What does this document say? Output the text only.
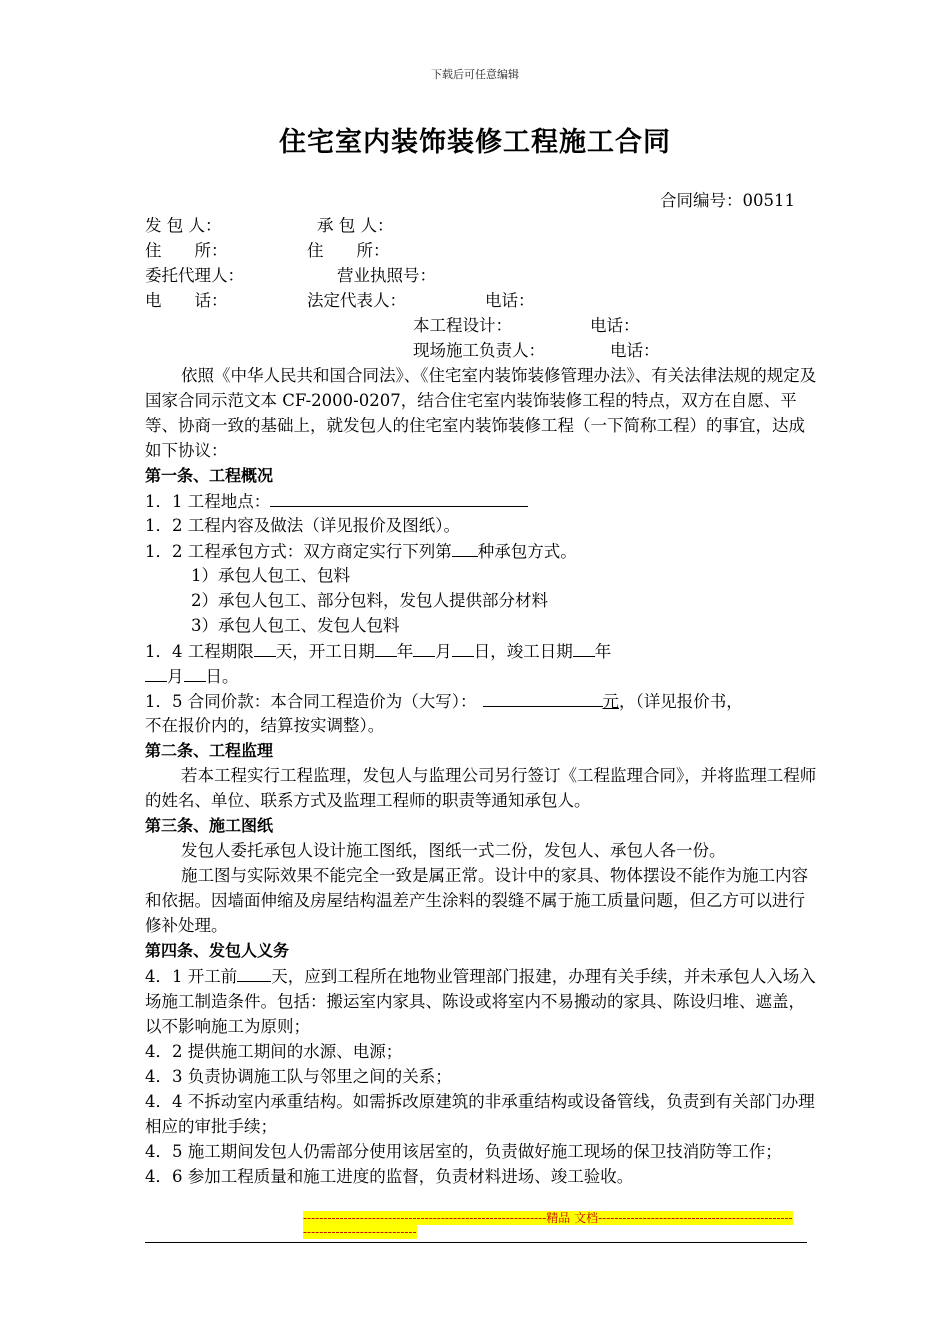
下载后可任意编辑
住宅室内装饰装修工程施工合同
合同编号：00511
发 包 人：	承 包 人：
住　　所：	住　　所：
委托代理人：	营业执照号：
电　　话：	法定代表人：	电话：
本工程设计：	电话：
现场施工负责人：	电话：
依照《中华人民共和国合同法》、《住宅室内装饰装修管理办法》、有关法律法规的规定及国家合同示范文本 CF-2000-0207，结合住宅室内装饰装修工程的特点，双方在自愿、平等、协商一致的基础上，就发包人的住宅室内装饰装修工程（一下简称工程）的事宜，达成如下协议：
第一条、工程概况
1．1 工程地点：
1．2 工程内容及做法（详见报价及图纸）。
1．2 工程承包方式：双方商定实行下列第 种承包方式。
1）承包人包工、包料
2）承包人包工、部分包料，发包人提供部分材料
3）承包人包工、发包人包料
1．4 工程期限 天，开工日期 年 月 日，竣工日期 年
月 日。
1．5 合同价款：本合同工程造价为（大写）：	元，（详见报价书，
不在报价内的，结算按实调整）。
第二条、工程监理
若本工程实行工程监理，发包人与监理公司另行签订《工程监理合同》，并将监理工程师的姓名、单位、联系方式及监理工程师的职责等通知承包人。
第三条、施工图纸
发包人委托承包人设计施工图纸，图纸一式二份，发包人、承包人各一份。
施工图与实际效果不能完全一致是属正常。设计中的家具、物体摆设不能作为施工内容和依据。因墙面伸缩及房屋结构温差产生涂料的裂缝不属于施工质量问题，但乙方可以进行修补处理。
第四条、发包人义务
4．1 开工前 天，应到工程所在地物业管理部门报建，办理有关手续，并未承包人入场入场施工制造条件。包括：搬运室内家具、陈设或将室内不易搬动的家具、陈设归堆、遮盖，以不影响施工为原则；
4．2 提供施工期间的水源、电源；
4．3 负责协调施工队与邻里之间的关系；
4．4 不拆动室内承重结构。如需拆改原建筑的非承重结构或设备管线，负责到有关部门办理相应的审批手续；
4．5 施工期间发包人仍需部分使用该居室的，负责做好施工现场的保卫技消防等工作；
4．6 参加工程质量和施工进度的监督，负责材料进场、竣工验收。
------------------------------------------------------------精品 文档----------------------------------------------------------------------------
